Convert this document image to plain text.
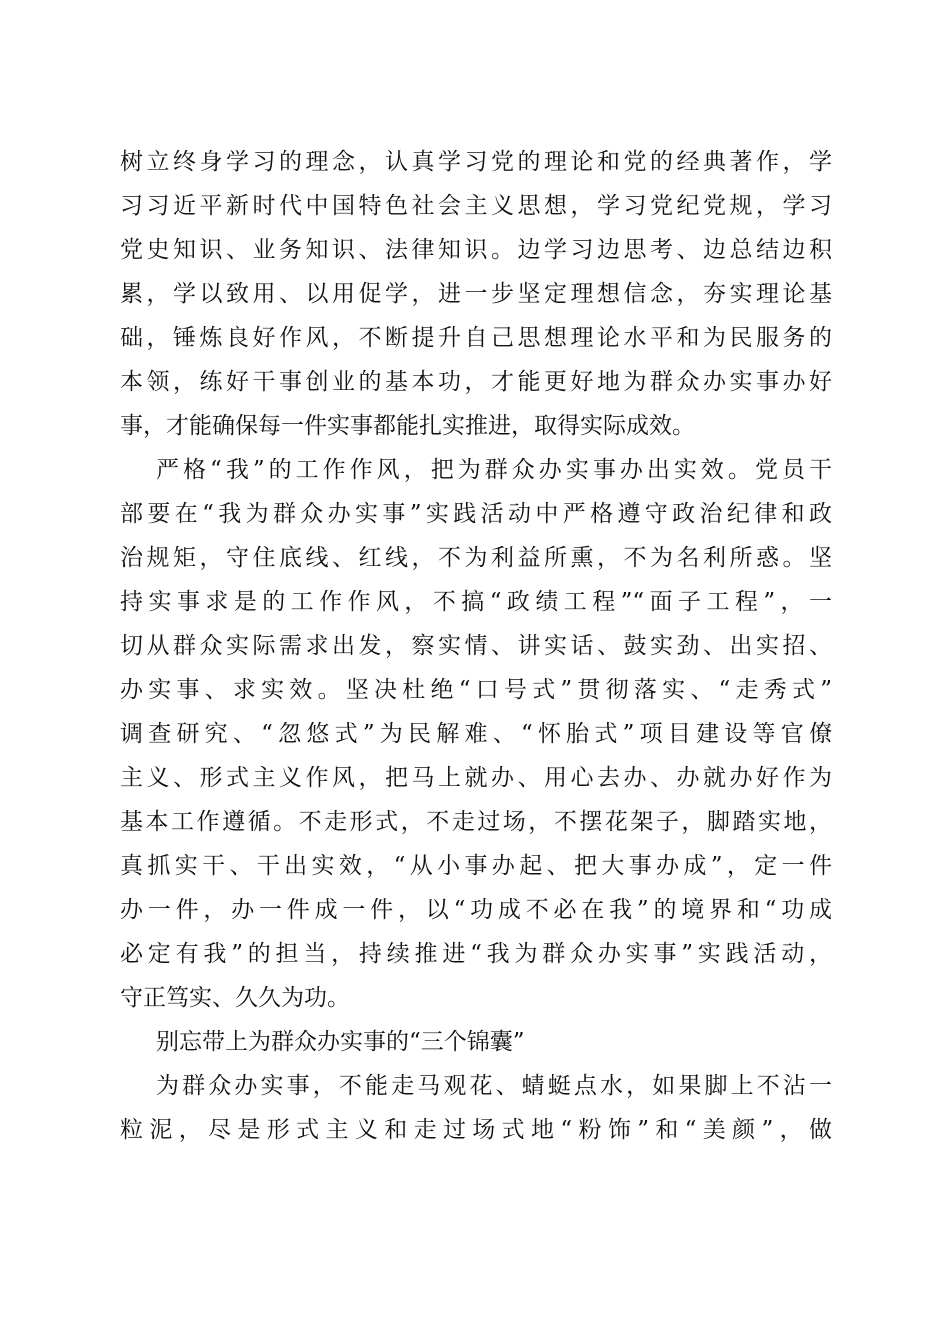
树立终身学习的理念，认真学习党的理论和党的经典著作，学
习习近平新时代中国特色社会主义思想，学习党纪党规，学习
党史知识、业务知识、法律知识。边学习边思考、边总结边积
累，学以致用、以用促学，进一步坚定理想信念，夯实理论基
础，锤炼良好作风，不断提升自己思想理论水平和为民服务的
本领，练好干事创业的基本功，才能更好地为群众办实事办好
事，才能确保每一件实事都能扎实推进，取得实际成效。
严格“我”的工作作风，把为群众办实事办出实效。党员干
部要在“我为群众办实事”实践活动中严格遵守政治纪律和政
治规矩，守住底线、红线，不为利益所熏，不为名利所惑。坚
持实事求是的工作作风，不搞“政绩工程”“面子工程”，一
切从群众实际需求出发，察实情、讲实话、鼓实劲、出实招、
办实事、求实效。坚决杜绝“口号式”贯彻落实、“走秀式”
调查研究、“忽悠式”为民解难、“怀胎式”项目建设等官僚
主义、形式主义作风，把马上就办、用心去办、办就办好作为
基本工作遵循。不走形式，不走过场，不摆花架子，脚踏实地，
真抓实干、干出实效，“从小事办起、把大事办成”，定一件
办一件，办一件成一件，以“功成不必在我”的境界和“功成
必定有我”的担当，持续推进“我为群众办实事”实践活动，
守正笃实、久久为功。
别忘带上为群众办实事的“三个锦囊”
为群众办实事，不能走马观花、蜻蜓点水，如果脚上不沾一
粒泥，尽是形式主义和走过场式地“粉饰”和“美颜”，做
